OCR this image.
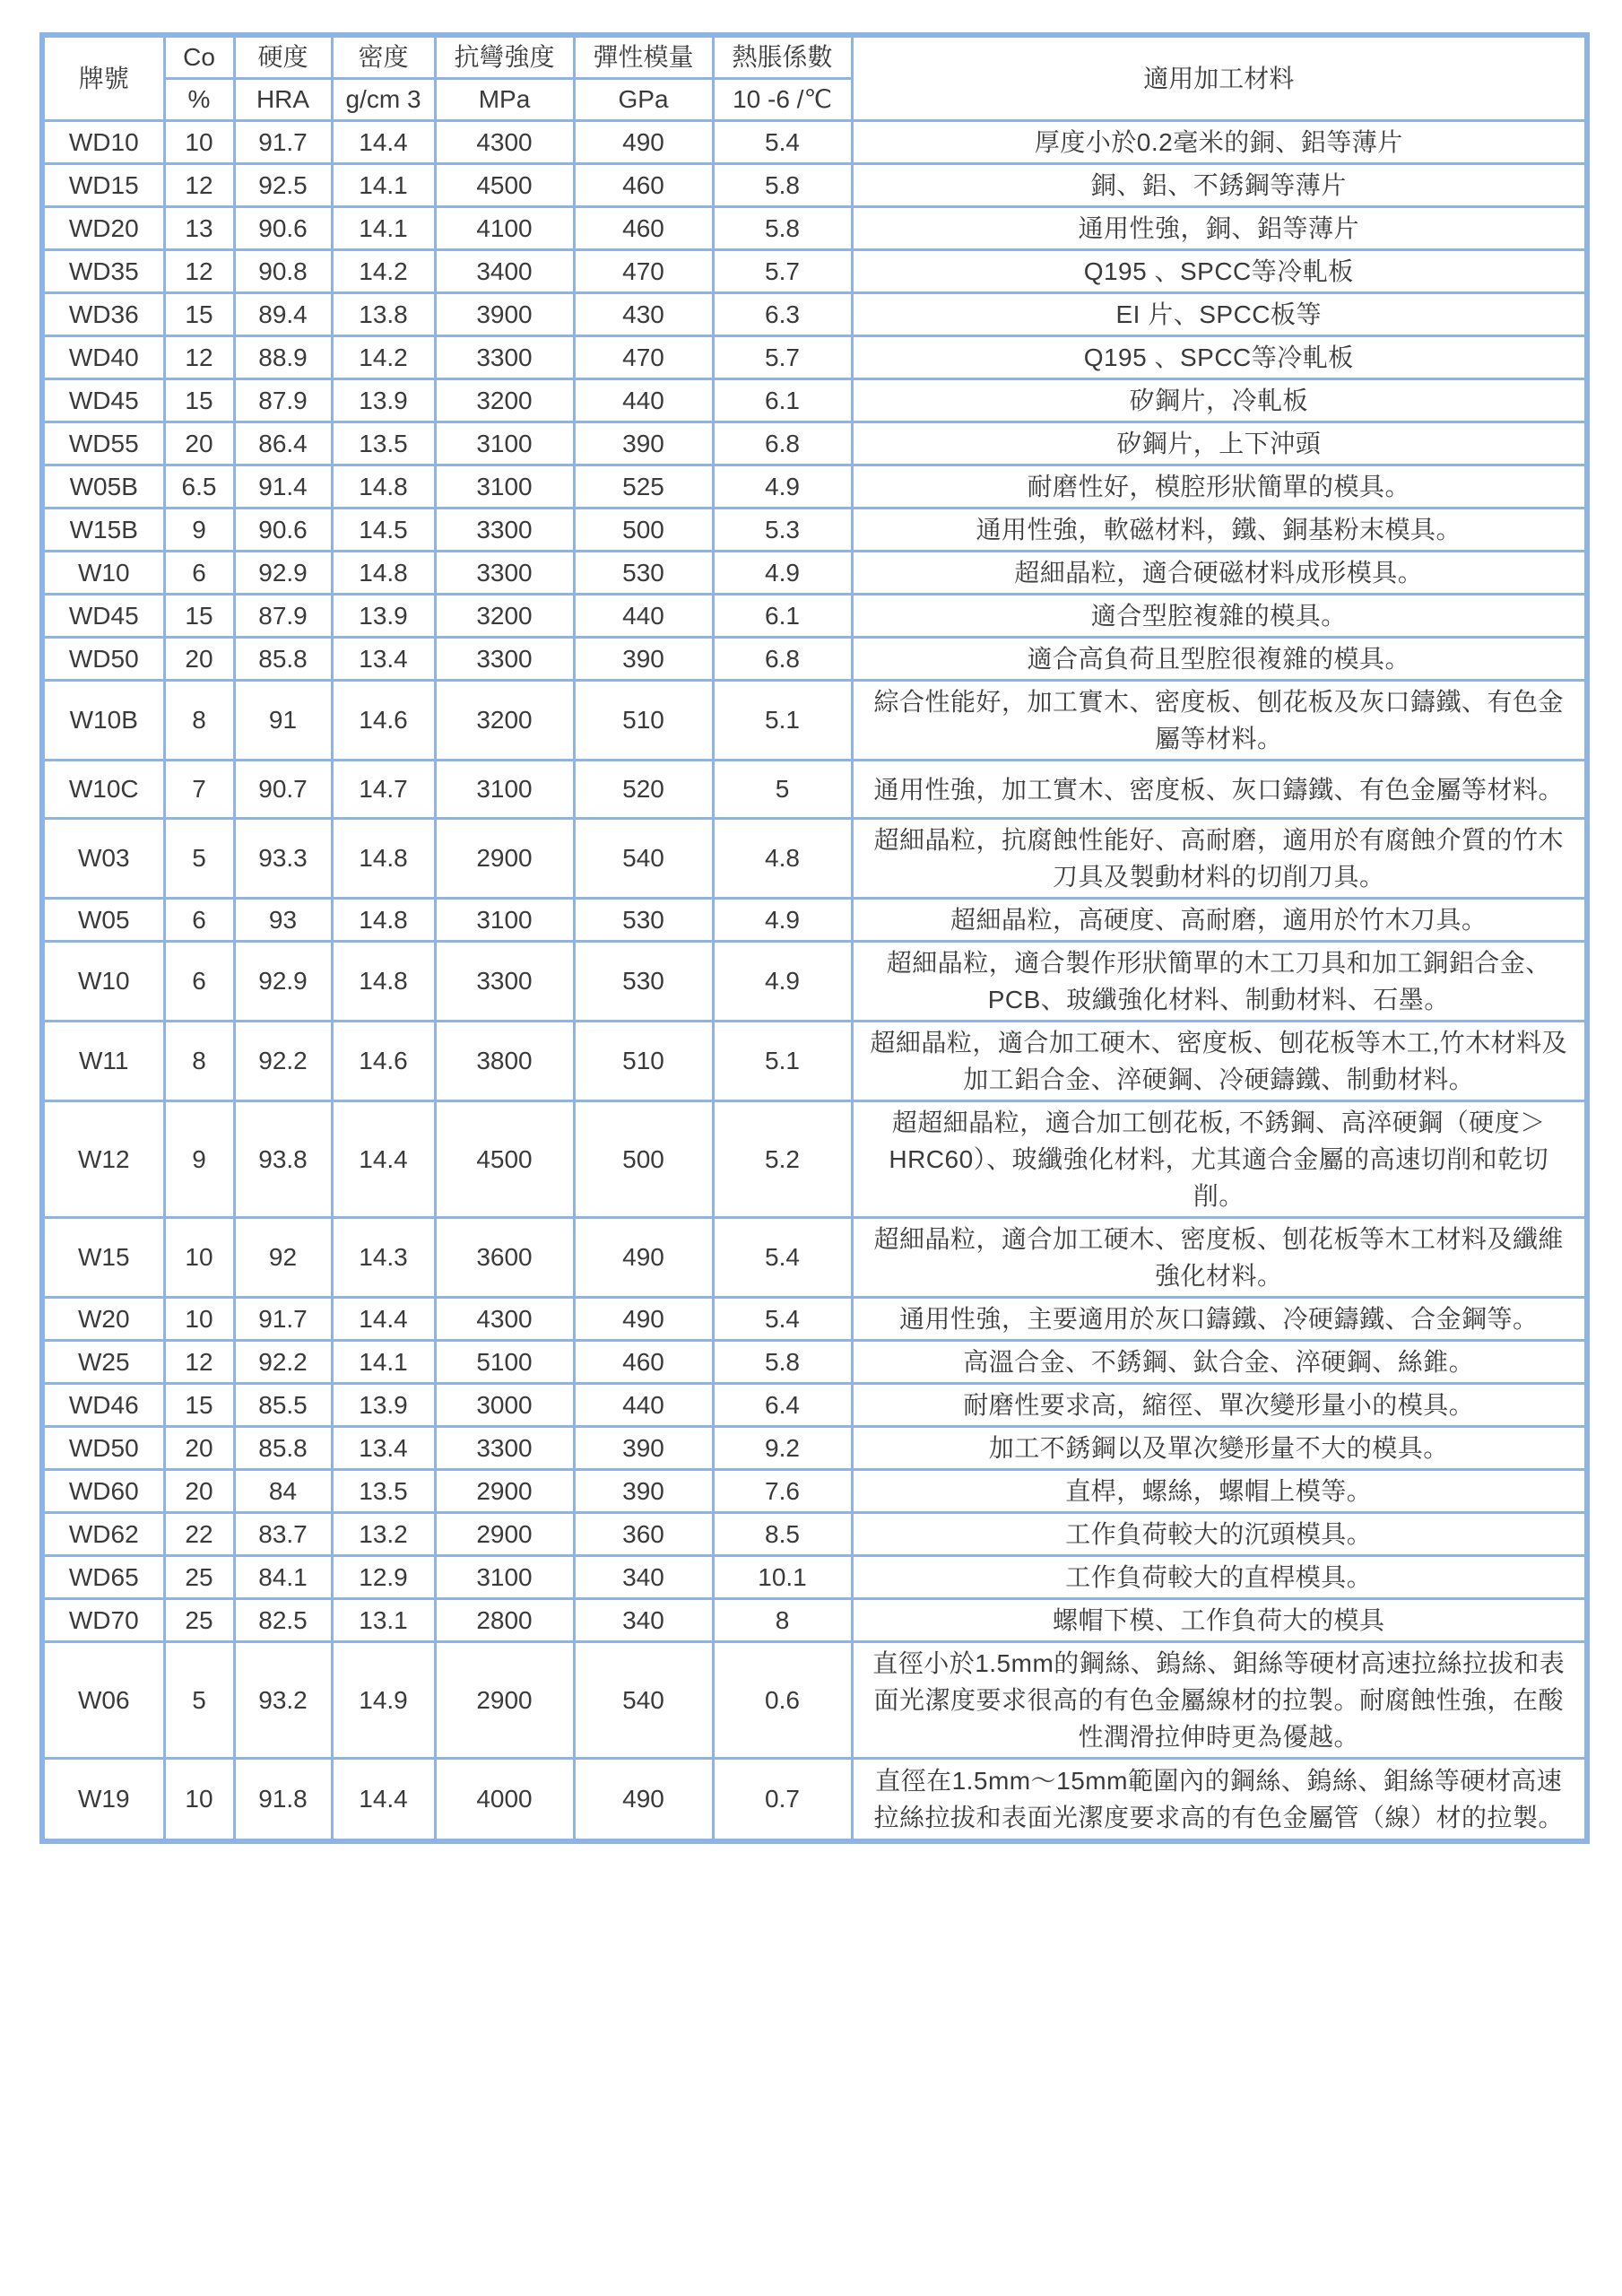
牌號	Co	硬度	密度	抗彎強度	彈性模量	熱脹係數	適用加工材料
	%	HRA	g/cm 3	MPa	GPa	10 -6 /℃	
WD10	10	91.7	14.4	4300	490	5.4	厚度小於0.2毫米的銅、鋁等薄片
WD15	12	92.5	14.1	4500	460	5.8	銅、鋁、不銹鋼等薄片
WD20	13	90.6	14.1	4100	460	5.8	通用性強，銅、鋁等薄片
WD35	12	90.8	14.2	3400	470	5.7	Q195 、SPCC等冷軋板
WD36	15	89.4	13.8	3900	430	6.3	EI 片、SPCC板等
WD40	12	88.9	14.2	3300	470	5.7	Q195 、SPCC等冷軋板
WD45	15	87.9	13.9	3200	440	6.1	矽鋼片，冷軋板
WD55	20	86.4	13.5	3100	390	6.8	矽鋼片，上下沖頭
W05B	6.5	91.4	14.8	3100	525	4.9	耐磨性好，模腔形狀簡單的模具。
W15B	9	90.6	14.5	3300	500	5.3	通用性強，軟磁材料，鐵、銅基粉末模具。
W10	6	92.9	14.8	3300	530	4.9	超細晶粒，適合硬磁材料成形模具。
WD45	15	87.9	13.9	3200	440	6.1	適合型腔複雜的模具。
WD50	20	85.8	13.4	3300	390	6.8	適合高負荷且型腔很複雜的模具。
W10B	8	91	14.6	3200	510	5.1	綜合性能好，加工實木、密度板、刨花板及灰口鑄鐵、有色金屬等材料。
W10C	7	90.7	14.7	3100	520	5	通用性強，加工實木、密度板、灰口鑄鐵、有色金屬等材料。
W03	5	93.3	14.8	2900	540	4.8	超細晶粒，抗腐蝕性能好、高耐磨，適用於有腐蝕介質的竹木刀具及製動材料的切削刀具。
W05	6	93	14.8	3100	530	4.9	超細晶粒，高硬度、高耐磨，適用於竹木刀具。
W10	6	92.9	14.8	3300	530	4.9	超細晶粒，適合製作形狀簡單的木工刀具和加工銅鋁合金、PCB、玻纖強化材料、制動材料、石墨。
W11	8	92.2	14.6	3800	510	5.1	超細晶粒，適合加工硬木、密度板、刨花板等木工,竹木材料及加工鋁合金、淬硬鋼、冷硬鑄鐵、制動材料。
W12	9	93.8	14.4	4500	500	5.2	超超細晶粒，適合加工刨花板, 不銹鋼、高淬硬鋼（硬度＞HRC60）、玻纖強化材料，尤其適合金屬的高速切削和乾切削。
W15	10	92	14.3	3600	490	5.4	超細晶粒，適合加工硬木、密度板、刨花板等木工材料及纖維強化材料。
W20	10	91.7	14.4	4300	490	5.4	通用性強，主要適用於灰口鑄鐵、冷硬鑄鐵、合金鋼等。
W25	12	92.2	14.1	5100	460	5.8	高溫合金、不銹鋼、鈦合金、淬硬鋼、絲錐。
WD46	15	85.5	13.9	3000	440	6.4	耐磨性要求高，縮徑、單次變形量小的模具。
WD50	20	85.8	13.4	3300	390	9.2	加工不銹鋼以及單次變形量不大的模具。
WD60	20	84	13.5	2900	390	7.6	直桿，螺絲，螺帽上模等。
WD62	22	83.7	13.2	2900	360	8.5	工作負荷較大的沉頭模具。
WD65	25	84.1	12.9	3100	340	10.1	工作負荷較大的直桿模具。
WD70	25	82.5	13.1	2800	340	8	螺帽下模、工作負荷大的模具
W06	5	93.2	14.9	2900	540	0.6	直徑小於1.5mm的鋼絲、鎢絲、鉬絲等硬材高速拉絲拉拔和表面光潔度要求很高的有色金屬線材的拉製。耐腐蝕性強，在酸性潤滑拉伸時更為優越。
W19	10	91.8	14.4	4000	490	0.7	直徑在1.5mm～15mm範圍內的鋼絲、鎢絲、鉬絲等硬材高速拉絲拉拔和表面光潔度要求高的有色金屬管（線）材的拉製。
